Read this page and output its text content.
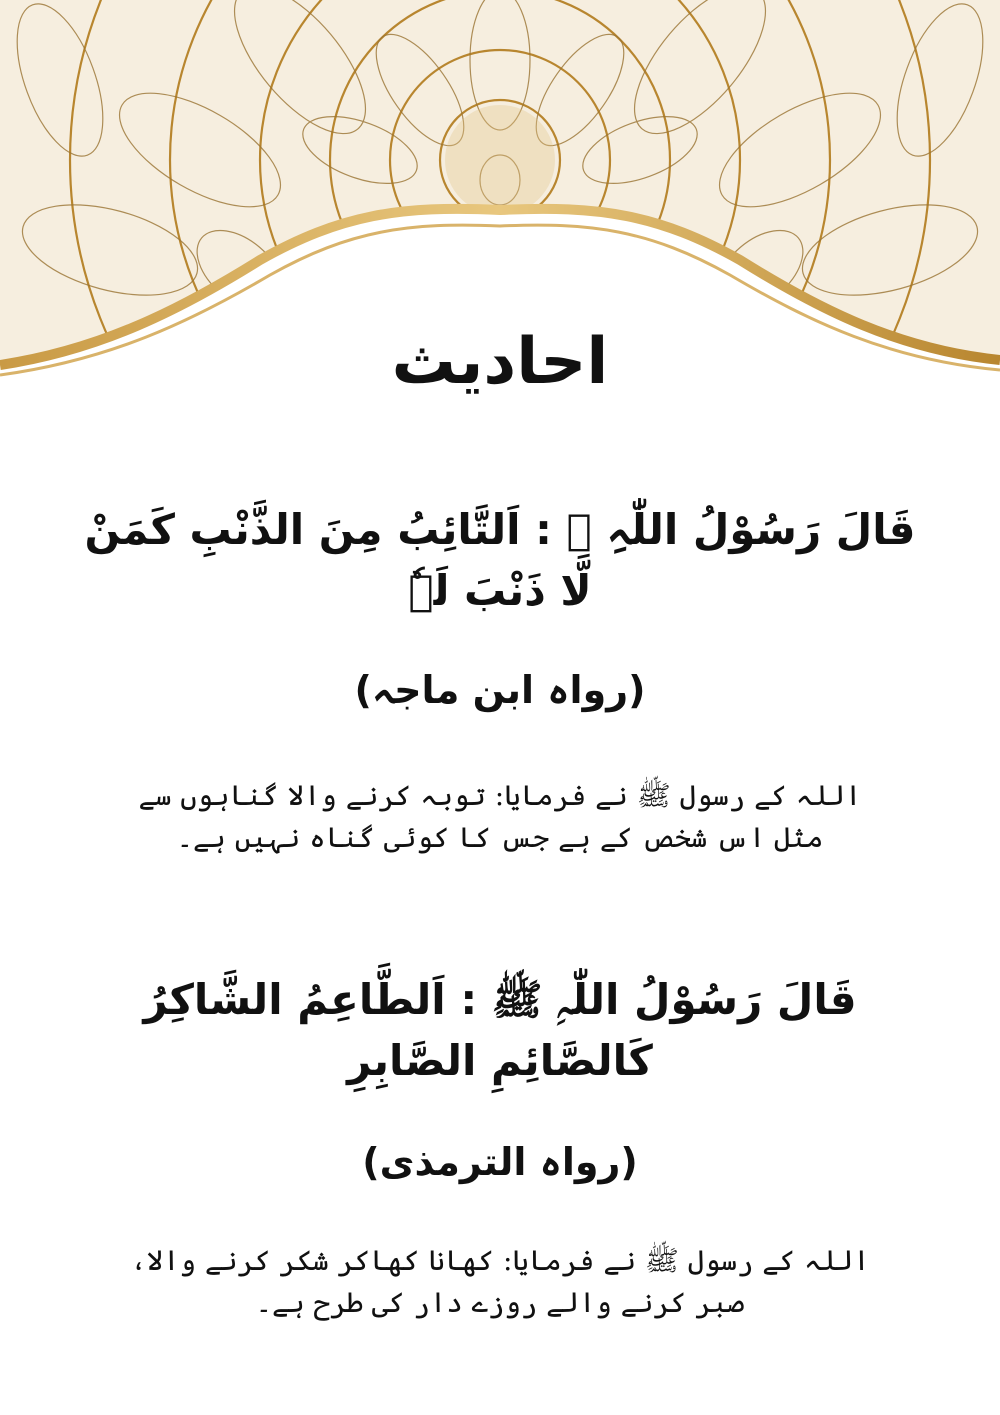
احادیث
قَالَ رَسُوْلُ اللّٰہِ ﷺ : اَلتَّائِبُ مِنَ الذَّنْبِ کَمَنْ لَّا ذَنْبَ لَہٗ
(رواہ ابن ماجہ)
اللہ کے رسول ﷺ نے فرمایا: توبہ کرنے والا گناہوں سے مثل اس شخص کے ہے جس کا کوئی گناہ نہیں ہے۔
قَالَ رَسُوْلُ اللّٰہِ ﷺ : اَلطَّاعِمُ الشَّاکِرُ کَالصَّائِمِ الصَّابِرِ
(رواہ الترمذی)
اللہ کے رسول ﷺ نے فرمایا: کھانا کھاکر شکر کرنے والا، صبر کرنے والے روزے دار کی طرح ہے۔
